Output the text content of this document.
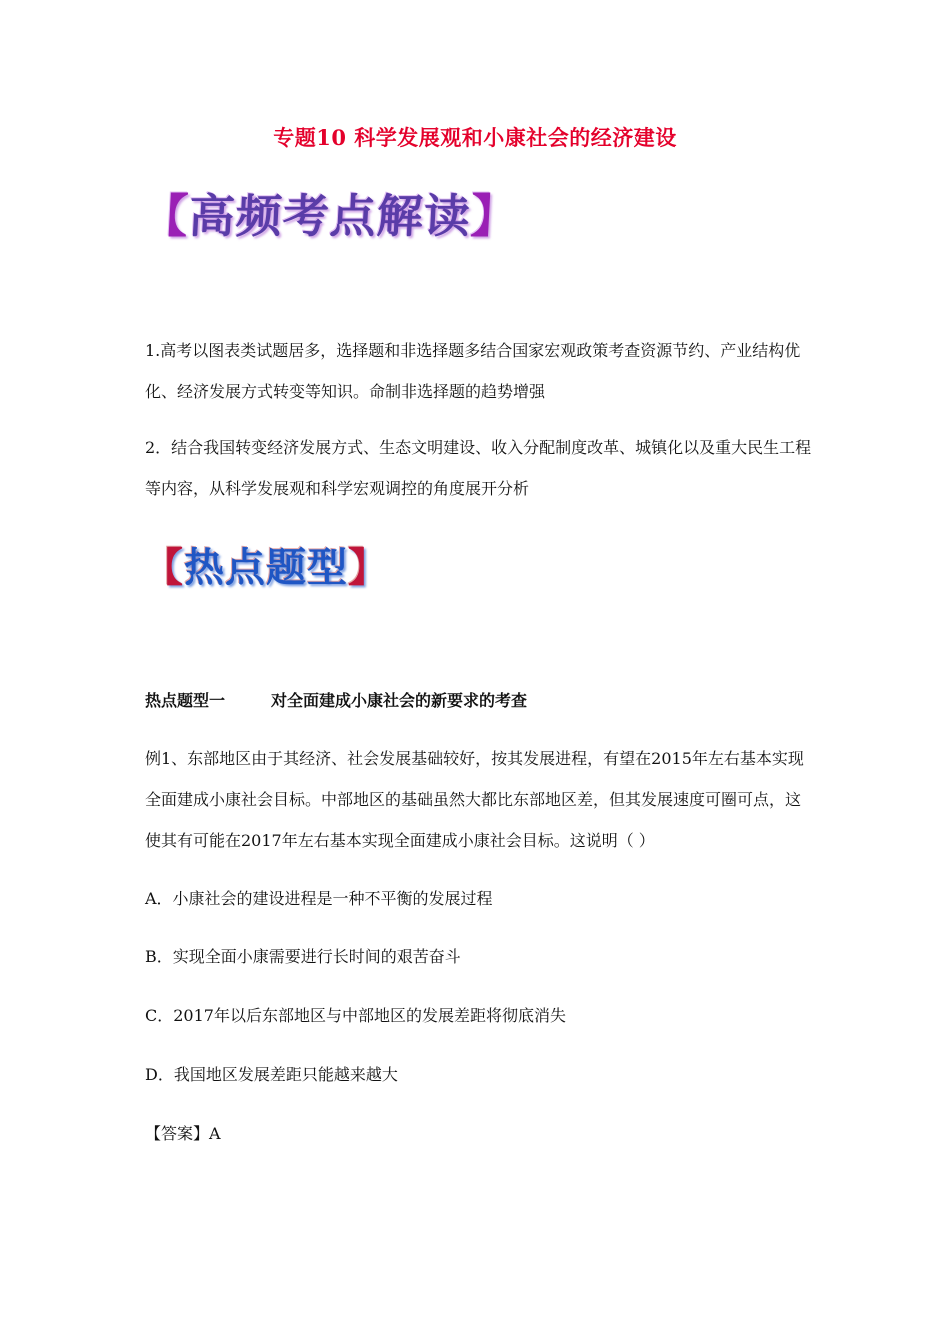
专题10 科学发展观和小康社会的经济建设
【高频考点解读】

1.高考以图表类试题居多，选择题和非选择题多结合国家宏观政策考查资源节约、产业结构优化、经济发展方式转变等知识。命制非选择题的趋势增强

2．结合我国转变经济发展方式、生态文明建设、收入分配制度改革、城镇化以及重大民生工程等内容，从科学发展观和科学宏观调控的角度展开分析

【热点题型】

热点题型一	对全面建成小康社会的新要求的考查

例1、东部地区由于其经济、社会发展基础较好，按其发展进程，有望在2015年左右基本实现全面建成小康社会目标。中部地区的基础虽然大都比东部地区差，但其发展速度可圈可点，这使其有可能在2017年左右基本实现全面建成小康社会目标。这说明（ ）

A．小康社会的建设进程是一种不平衡的发展过程

B．实现全面小康需要进行长时间的艰苦奋斗

C．2017年以后东部地区与中部地区的发展差距将彻底消失

D．我国地区发展差距只能越来越大

【答案】A
